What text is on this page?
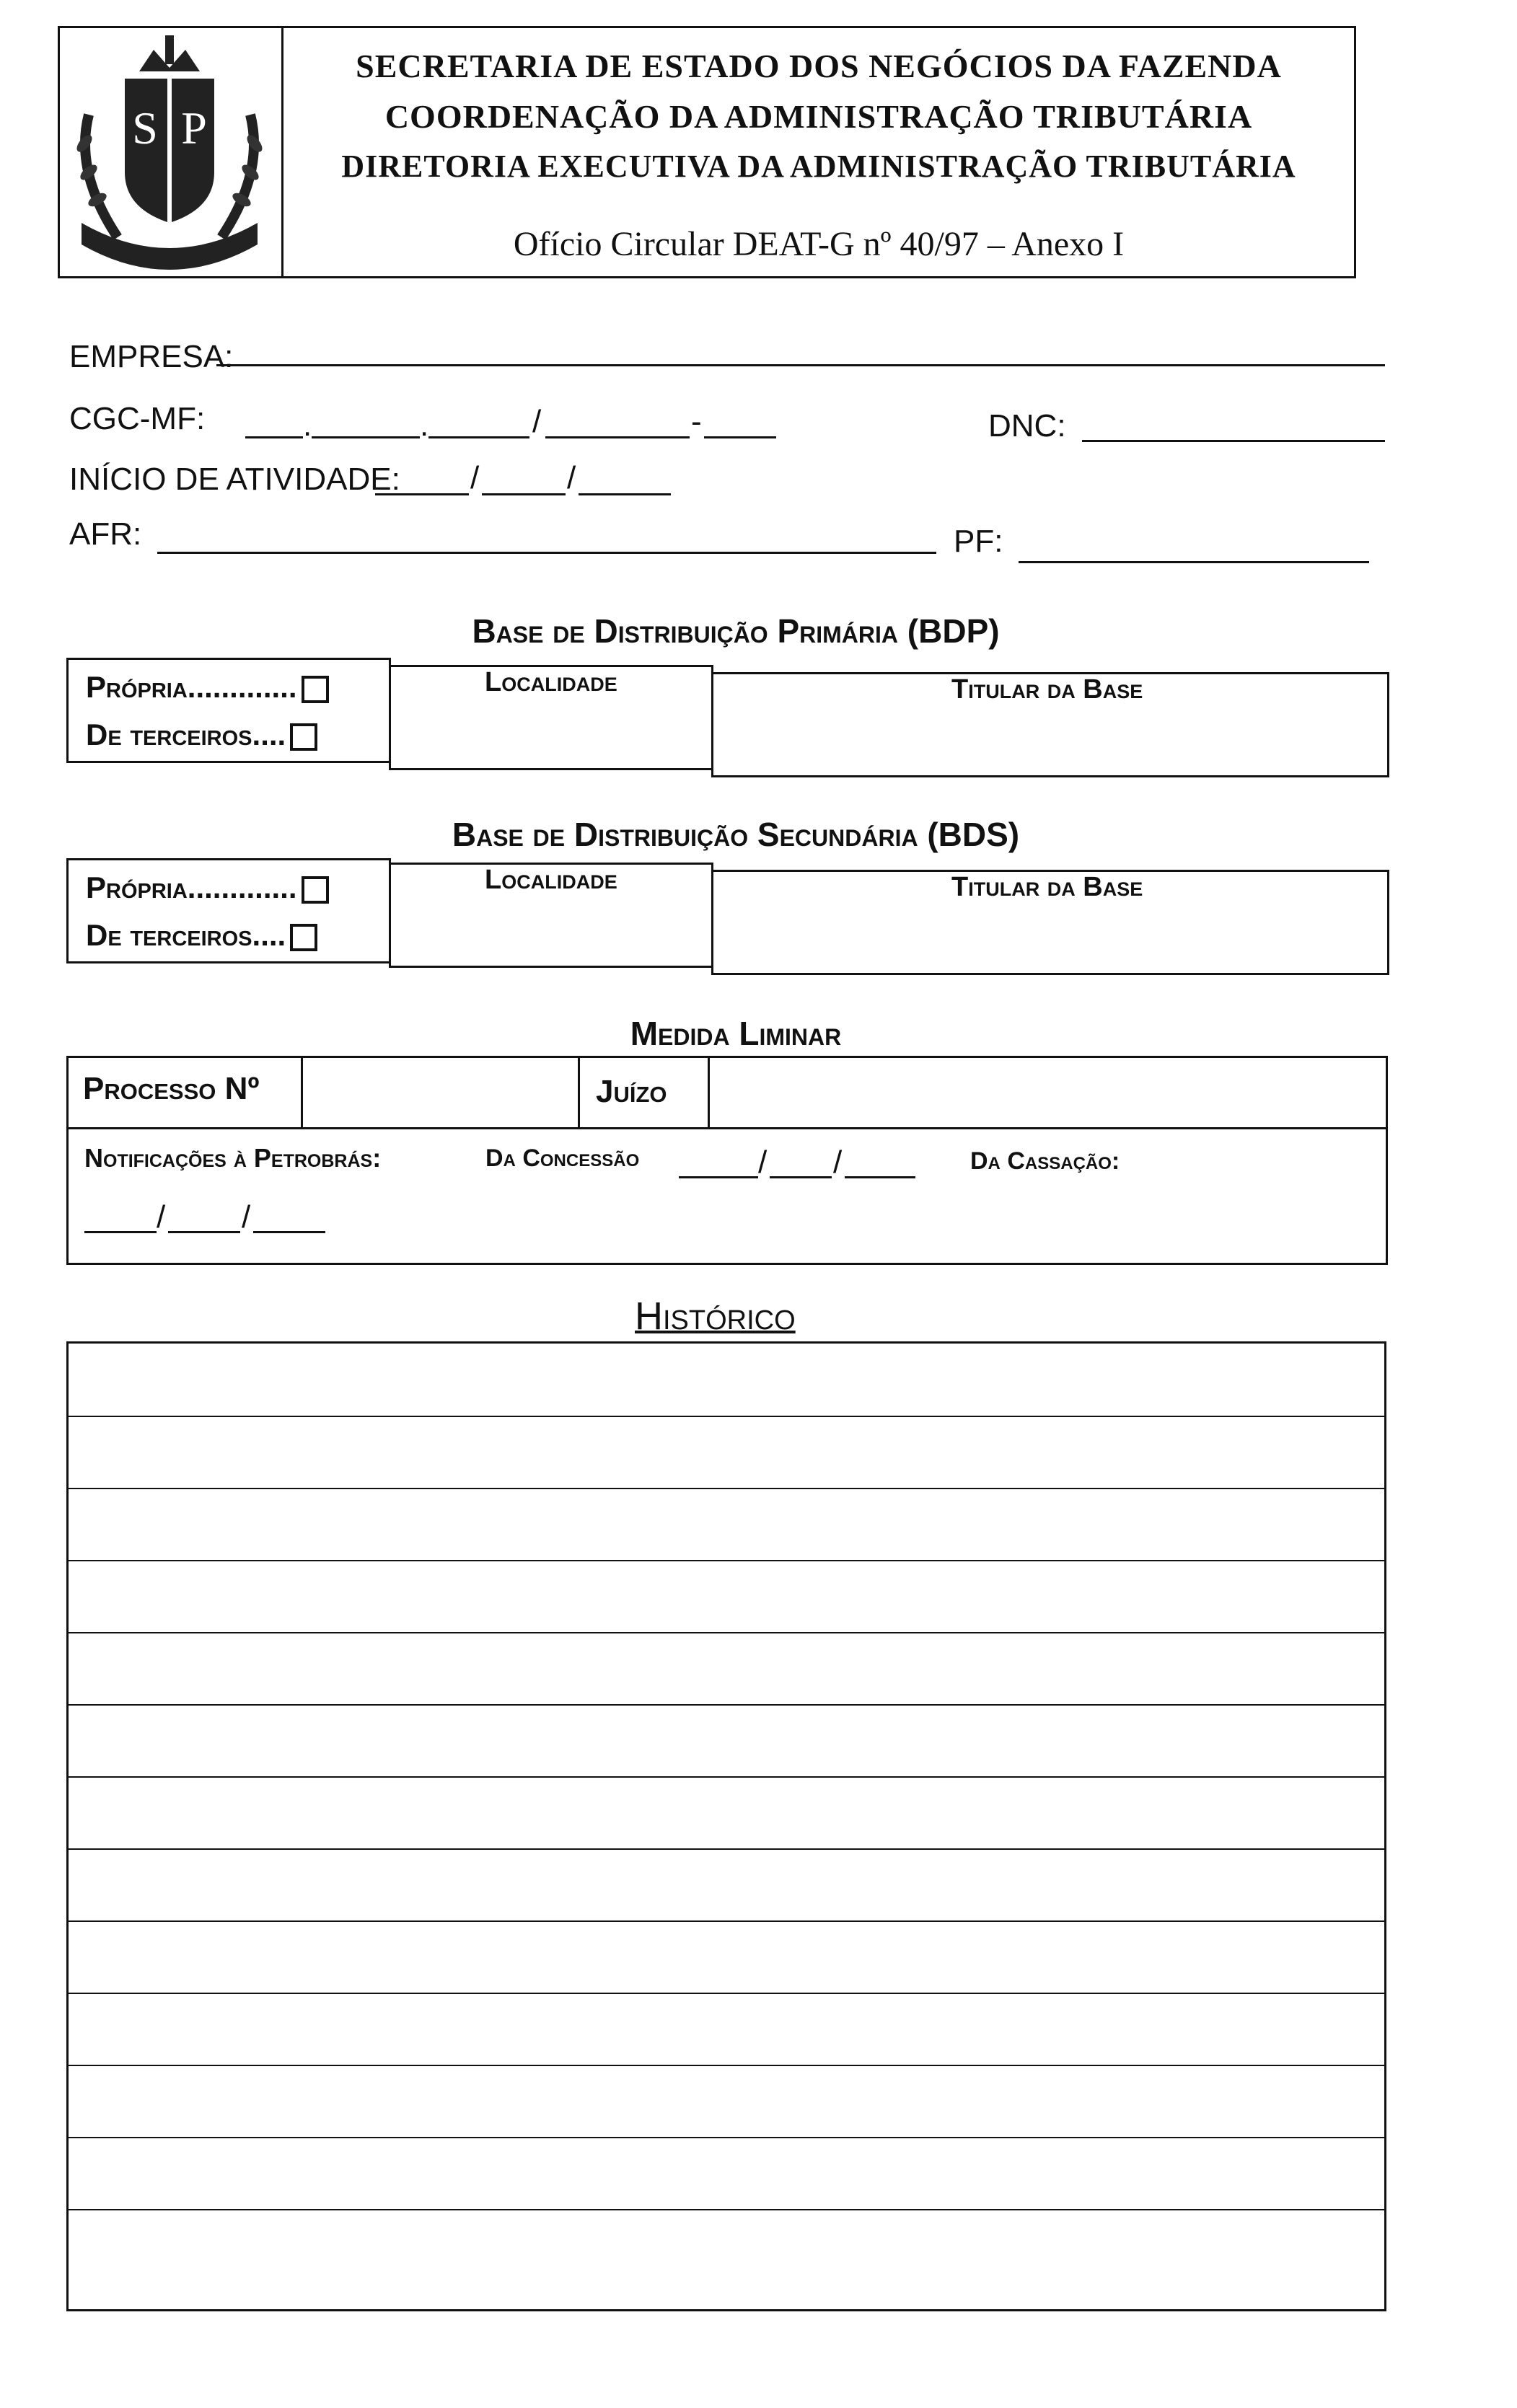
S P
SECRETARIA DE ESTADO DOS NEGÓCIOS DA FAZENDA
COORDENAÇÃO DA ADMINISTRAÇÃO TRIBUTÁRIA
DIRETORIA EXECUTIVA DA ADMINISTRAÇÃO TRIBUTÁRIA
Ofício Circular DEAT-G nº 40/97 – Anexo I
EMPRESA:
CGC-MF:	.	.	/	-	DNC:
INÍCIO DE ATIVIDADE: /	/
AFR:	PF:
Base de Distribuição Primária (BDP)
Própria.............
De terceiros....
Localidade	Titular da Base
Base de Distribuição Secundária (BDS)
Própria.............
De terceiros....
Localidade	Titular da Base
Medida Liminar
Processo Nº	Juízo
Notificações à Petrobrás:	Da Concessão	/ /	Da Cassação:
/ /
Histórico
